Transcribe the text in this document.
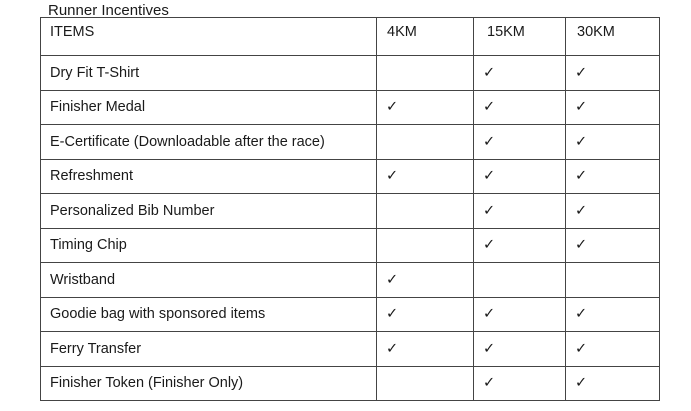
Runner Incentives
ITEMS	4KM	15KM	30KM
Dry Fit T-Shirt		✓	✓
Finisher Medal	✓	✓	✓
E-Certificate (Downloadable after the race)		✓	✓
Refreshment	✓	✓	✓
Personalized Bib Number		✓	✓
Timing Chip		✓	✓
Wristband	✓		
Goodie bag with sponsored items	✓	✓	✓
Ferry Transfer	✓	✓	✓
Finisher Token (Finisher Only)		✓	✓
